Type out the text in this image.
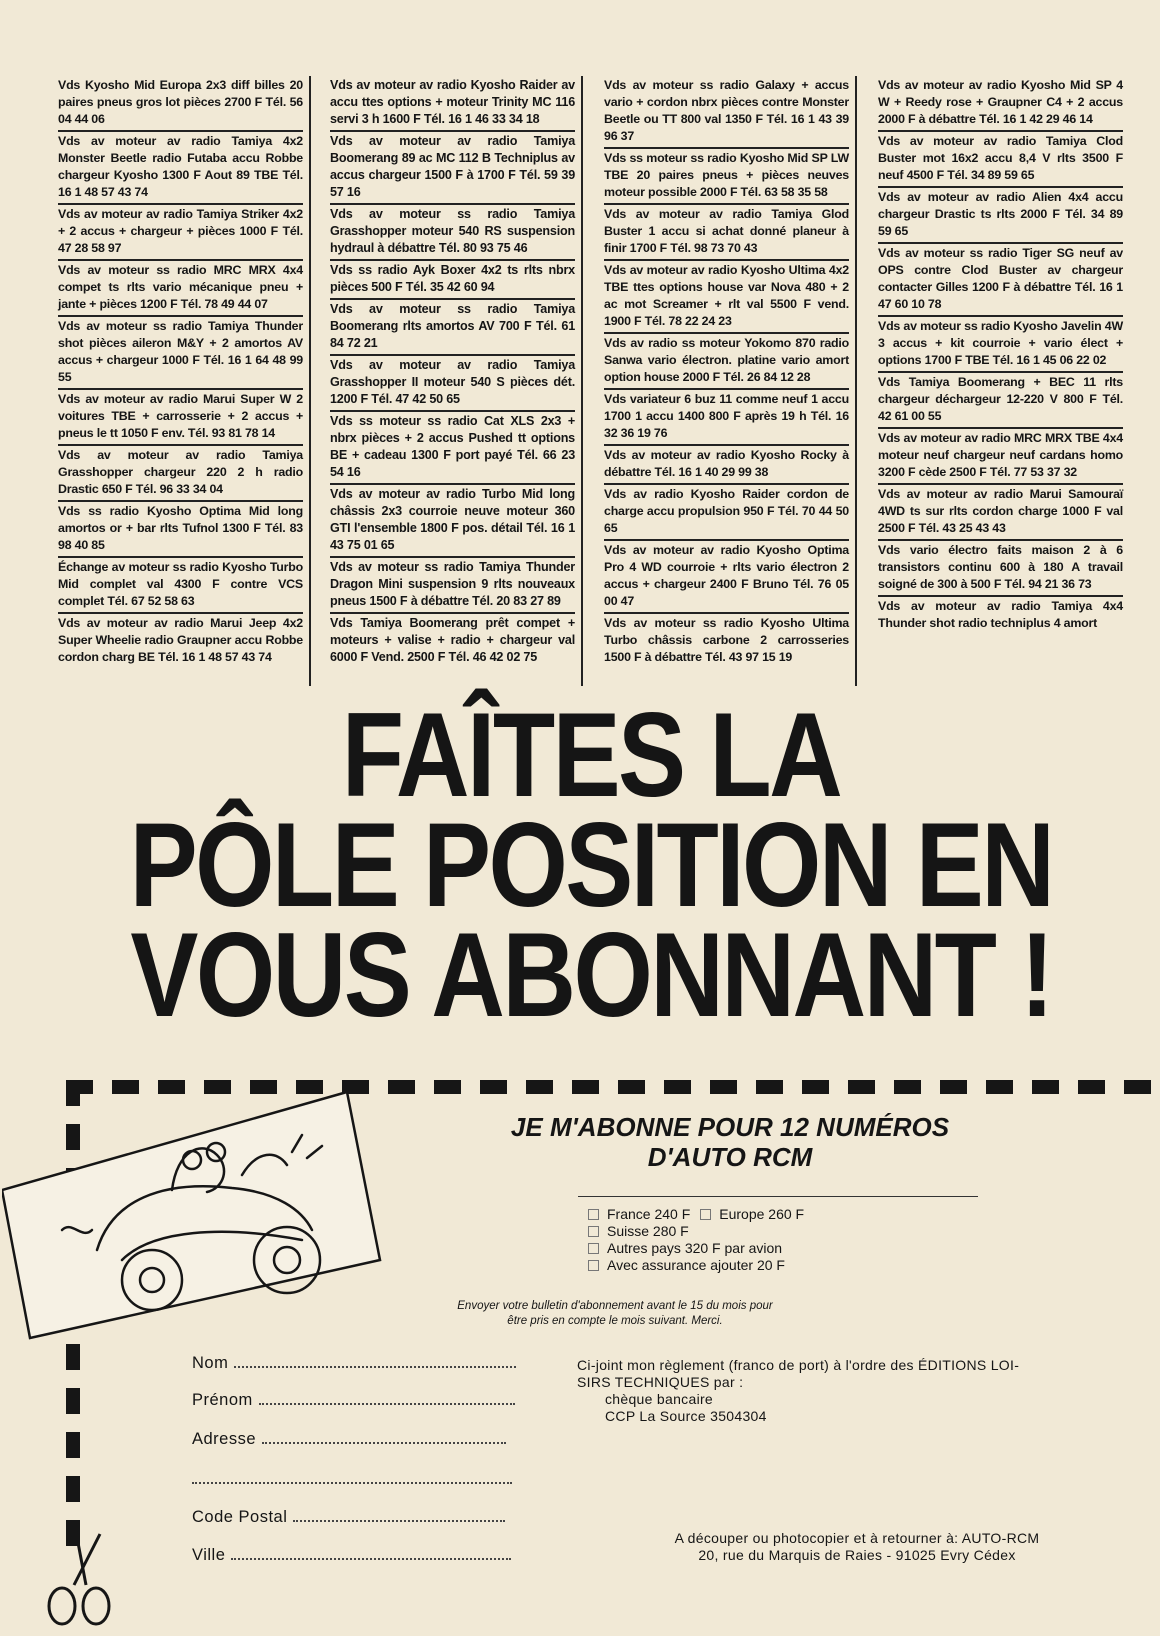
Vds Kyosho Mid Europa 2x3 diff billes 20 paires pneus gros lot pièces 2700 F Tél. 56 04 44 06

Vds av moteur av radio Tamiya 4x2 Monster Beetle radio Futaba accu Robbe chargeur Kyosho 1300 F Aout 89 TBE Tél. 16 1 48 57 43 74

Vds av moteur av radio Tamiya Striker 4x2 + 2 accus + chargeur + pièces 1000 F Tél. 47 28 58 97

Vds av moteur ss radio MRC MRX 4x4 compet ts rlts vario mécanique pneu + jante + pièces 1200 F Tél. 78 49 44 07

Vds av moteur ss radio Tamiya Thunder shot pièces aileron M&Y + 2 amortos AV accus + chargeur 1000 F Tél. 16 1 64 48 99 55

Vds av moteur av radio Marui Super W 2 voitures TBE + carrosserie + 2 accus + pneus le tt 1050 F env. Tél. 93 81 78 14

Vds av moteur av radio Tamiya Grasshopper chargeur 220 2 h radio Drastic 650 F Tél. 96 33 34 04

Vds ss radio Kyosho Optima Mid long amortos or + bar rlts Tufnol 1300 F Tél. 83 98 40 85

Échange av moteur ss radio Kyosho Turbo Mid complet val 4300 F contre VCS complet Tél. 67 52 58 63

Vds av moteur av radio Marui Jeep 4x2 Super Wheelie radio Graupner accu Robbe cordon charg BE Tél. 16 1 48 57 43 74

Vds av moteur av radio Kyosho Raider av accu ttes options + moteur Trinity MC 116 servi 3 h 1600 F Tél. 16 1 46 33 34 18

Vds av moteur av radio Tamiya Boomerang 89 ac MC 112 B Techniplus av accus chargeur 1500 F à 1700 F Tél. 59 39 57 16

Vds av moteur ss radio Tamiya Grasshopper moteur 540 RS suspension hydraul à débattre Tél. 80 93 75 46

Vds ss radio Ayk Boxer 4x2 ts rlts nbrx pièces 500 F Tél. 35 42 60 94

Vds av moteur ss radio Tamiya Boomerang rlts amortos AV 700 F Tél. 61 84 72 21

Vds av moteur av radio Tamiya Grasshopper II moteur 540 S pièces dét. 1200 F Tél. 47 42 50 65

Vds ss moteur ss radio Cat XLS 2x3 + nbrx pièces + 2 accus Pushed tt options BE + cadeau 1300 F port payé Tél. 66 23 54 16

Vds av moteur av radio Turbo Mid long châssis 2x3 courroie neuve moteur 360 GTI l'ensemble 1800 F pos. détail Tél. 16 1 43 75 01 65

Vds av moteur ss radio Tamiya Thunder Dragon Mini suspension 9 rlts nouveaux pneus 1500 F à débattre Tél. 20 83 27 89

Vds Tamiya Boomerang prêt compet + moteurs + valise + radio + chargeur val 6000 F Vend. 2500 F Tél. 46 42 02 75

Vds av moteur ss radio Galaxy + accus vario + cordon nbrx pièces contre Monster Beetle ou TT 800 val 1350 F Tél. 16 1 43 39 96 37

Vds ss moteur ss radio Kyosho Mid SP LW TBE 20 paires pneus + pièces neuves moteur possible 2000 F Tél. 63 58 35 58

Vds av moteur av radio Tamiya Glod Buster 1 accu si achat donné planeur à finir 1700 F Tél. 98 73 70 43

Vds av moteur av radio Kyosho Ultima 4x2 TBE ttes options house var Nova 480 + 2 ac mot Screamer + rlt val 5500 F vend. 1900 F Tél. 78 22 24 23

Vds av radio ss moteur Yokomo 870 radio Sanwa vario électron. platine vario amort option house 2000 F Tél. 26 84 12 28

Vds variateur 6 buz 11 comme neuf 1 accu 1700 1 accu 1400 800 F après 19 h Tél. 16 32 36 19 76

Vds av moteur av radio Kyosho Rocky à débattre Tél. 16 1 40 29 99 38

Vds av radio Kyosho Raider cordon de charge accu propulsion 950 F Tél. 70 44 50 65

Vds av moteur av radio Kyosho Optima Pro 4 WD courroie + rlts vario électron 2 accus + chargeur 2400 F Bruno Tél. 76 05 00 47

Vds av moteur ss radio Kyosho Ultima Turbo châssis carbone 2 carrosseries 1500 F à débattre Tél. 43 97 15 19

Vds av moteur av radio Kyosho Mid SP 4 W + Reedy rose + Graupner C4 + 2 accus 2000 F à débattre Tél. 16 1 42 29 46 14

Vds av moteur av radio Tamiya Clod Buster mot 16x2 accu 8,4 V rlts 3500 F neuf 4500 F Tél. 34 89 59 65

Vds av moteur av radio Alien 4x4 accu chargeur Drastic ts rlts 2000 F Tél. 34 89 59 65

Vds av moteur ss radio Tiger SG neuf av OPS contre Clod Buster av chargeur contacter Gilles 1200 F à débattre Tél. 16 1 47 60 10 78

Vds av moteur ss radio Kyosho Javelin 4W 3 accus + kit courroie + vario élect + options 1700 F TBE Tél. 16 1 45 06 22 02

Vds Tamiya Boomerang + BEC 11 rlts chargeur déchargeur 12-220 V 800 F Tél. 42 61 00 55

Vds av moteur av radio MRC MRX TBE 4x4 moteur neuf chargeur neuf cardans homo 3200 F cède 2500 F Tél. 77 53 37 32

Vds av moteur av radio Marui Samouraï 4WD ts sur rlts cordon charge 1000 F val 2500 F Tél. 43 25 43 43

Vds vario électro faits maison 2 à 6 transistors continu 600 à 180 A travail soigné de 300 à 500 F Tél. 94 21 36 73

Vds av moteur av radio Tamiya 4x4 Thunder shot radio techniplus 4 amort

FAÎTES LA
PÔLE POSITION EN
VOUS ABONNANT !
JE M'ABONNE POUR 12 NUMÉROS
D'AUTO RCM
France 240 F Europe 260 F
Suisse 280 F
Autres pays 320 F par avion
Avec assurance ajouter 20 F

Envoyer votre bulletin d'abonnement avant le 15 du mois pour
être pris en compte le mois suivant. Merci.

Nom
Prénom
Adresse
Code Postal
Ville
Ci-joint mon règlement (franco de port) à l'ordre des ÉDITIONS LOI-
SIRS TECHNIQUES par :
chèque bancaire
CCP La Source 3504304
A découper ou photocopier et à retourner à: AUTO-RCM
20, rue du Marquis de Raies - 91025 Evry Cédex
